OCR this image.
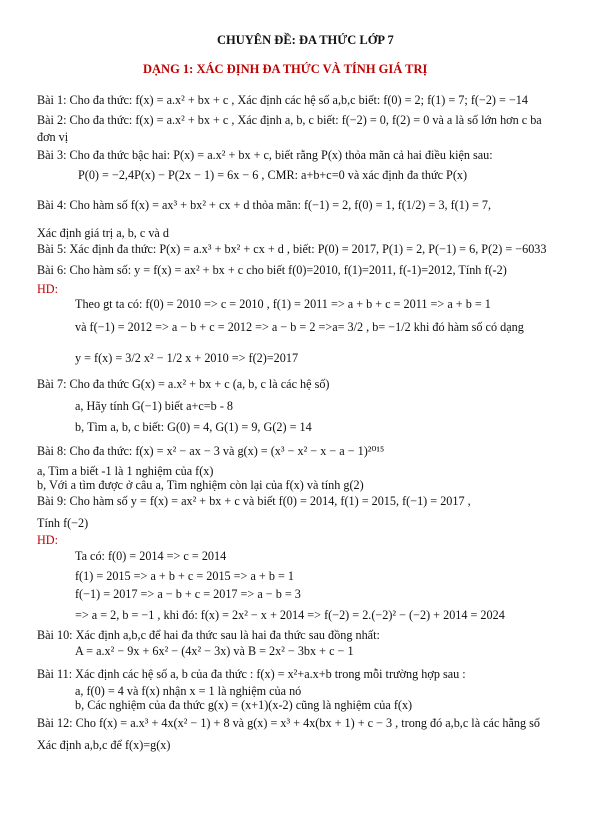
CHUYÊN ĐỀ: ĐA THỨC LỚP 7
DẠNG 1: XÁC ĐỊNH ĐA THỨC VÀ TÍNH GIÁ TRỊ
Bài 1: Cho đa thức: f(x) = a.x² + bx + c , Xác định các hệ số a,b,c biết: f(0) = 2; f(1) = 7; f(−2) = −14
Bài 2: Cho đa thức: f(x) = a.x² + bx + c , Xác định a, b, c biết: f(−2) = 0, f(2) = 0 và a là số lớn hơn c ba
đơn vị
Bài 3: Cho đa thức bậc hai: P(x) = a.x² + bx + c, biết rằng P(x) thỏa mãn cả hai điều kiện sau:
P(0) = −2,4P(x) − P(2x − 1) = 6x − 6 , CMR: a+b+c=0 và xác định đa thức P(x)
Bài 4: Cho hàm số f(x) = ax³ + bx² + cx + d thỏa mãn: f(−1) = 2, f(0) = 1, f(1/2) = 3, f(1) = 7,
Xác định giá trị a, b, c và d
Bài 5: Xác định đa thức: P(x) = a.x³ + bx² + cx + d , biết: P(0) = 2017, P(1) = 2, P(−1) = 6, P(2) = −6033
Bài 6: Cho hàm số: y = f(x) = ax² + bx + c cho biết f(0)=2010, f(1)=2011, f(-1)=2012, Tính f(-2)
HD:
Theo gt ta có: f(0) = 2010 => c = 2010 , f(1) = 2011 => a + b + c = 2011 => a + b = 1
và f(−1) = 2012 => a − b + c = 2012 => a − b = 2 =>a= 3/2 , b= −1/2 khi đó hàm số có dạng
y = f(x) = 3/2 x² − 1/2 x + 2010 => f(2)=2017
Bài 7: Cho đa thức G(x) = a.x² + bx + c (a, b, c là các hệ số)
a, Hãy tính G(−1) biết a+c=b - 8
b, Tìm a, b, c biết: G(0) = 4, G(1) = 9, G(2) = 14
Bài 8: Cho đa thức: f(x) = x² − ax − 3 và g(x) = (x³ − x² − x − a − 1)²⁰¹⁵
a, Tìm a biết -1 là 1 nghiệm của f(x)
b, Với a tìm được ở câu a, Tìm nghiệm còn lại của f(x) và tính g(2)
Bài 9: Cho hàm số y = f(x) = ax² + bx + c và biết f(0) = 2014, f(1) = 2015, f(−1) = 2017 ,
Tính f(−2)
HD:
Ta có: f(0) = 2014 => c = 2014
f(1) = 2015 => a + b + c = 2015 => a + b = 1
f(−1) = 2017 => a − b + c = 2017 => a − b = 3
=> a = 2, b = −1 , khi đó: f(x) = 2x² − x + 2014 => f(−2) = 2.(−2)² − (−2) + 2014 = 2024
Bài 10: Xác định a,b,c để hai đa thức sau là hai đa thức sau đồng nhất:
A = a.x² − 9x + 6x² − (4x² − 3x) và B = 2x² − 3bx + c − 1
Bài 11: Xác định các hệ số a, b của đa thức : f(x) = x²+a.x+b trong mỗi trường hợp sau :
a, f(0) = 4 và f(x) nhận x = 1 là nghiệm của nó
b, Các nghiệm của đa thức g(x) = (x+1)(x-2) cũng là nghiệm của f(x)
Bài 12: Cho f(x) = a.x³ + 4x(x² − 1) + 8 và g(x) = x³ + 4x(bx + 1) + c − 3 , trong đó a,b,c là các hằng số
Xác định a,b,c để f(x)=g(x)
